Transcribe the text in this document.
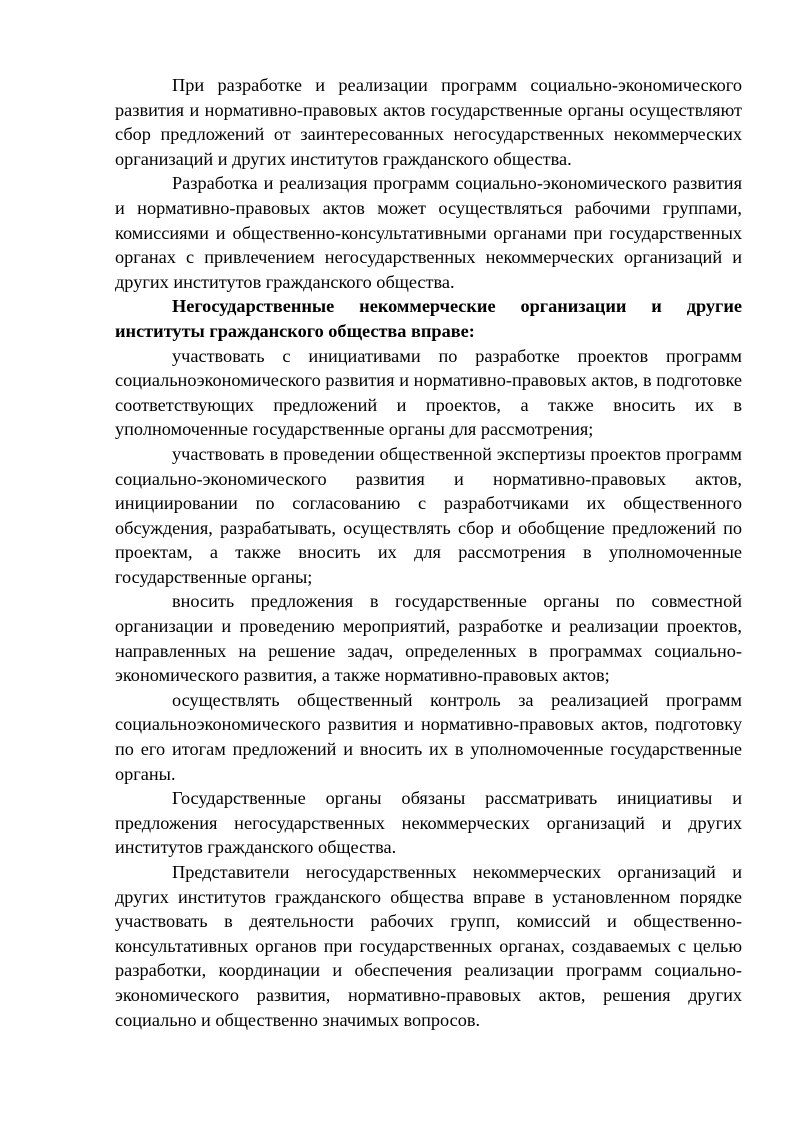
При разработке и реализации программ социально-экономического развития и нормативно-правовых актов государственные органы осуществляют сбор предложений от заинтересованных негосударственных некоммерческих организаций и других институтов гражданского общества.

Разработка и реализация программ социально-экономического развития и нормативно-правовых актов может осуществляться рабочими группами, комиссиями и общественно-консультативными органами при государственных органах с привлечением негосударственных некоммерческих организаций и других институтов гражданского общества.

Негосударственные некоммерческие организации и другие институты гражданского общества вправе:

участвовать с инициативами по разработке проектов программ социальноэкономического развития и нормативно-правовых актов, в подготовке соответствующих предложений и проектов, а также вносить их в уполномоченные государственные органы для рассмотрения;

участвовать в проведении общественной экспертизы проектов программ социально-экономического развития и нормативно-правовых актов, инициировании по согласованию с разработчиками их общественного обсуждения, разрабатывать, осуществлять сбор и обобщение предложений по проектам, а также вносить их для рассмотрения в уполномоченные государственные органы;

вносить предложения в государственные органы по совместной организации и проведению мероприятий, разработке и реализации проектов, направленных на решение задач, определенных в программах социально-экономического развития, а также нормативно-правовых актов;

осуществлять общественный контроль за реализацией программ социальноэкономического развития и нормативно-правовых актов, подготовку по его итогам предложений и вносить их в уполномоченные государственные органы.

Государственные органы обязаны рассматривать инициативы и предложения негосударственных некоммерческих организаций и других институтов гражданского общества.

Представители негосударственных некоммерческих организаций и других институтов гражданского общества вправе в установленном порядке участвовать в деятельности рабочих групп, комиссий и общественно-консультативных органов при государственных органах, создаваемых с целью разработки, координации и обеспечения реализации программ социально-экономического развития, нормативно-правовых актов, решения других социально и общественно значимых вопросов.
